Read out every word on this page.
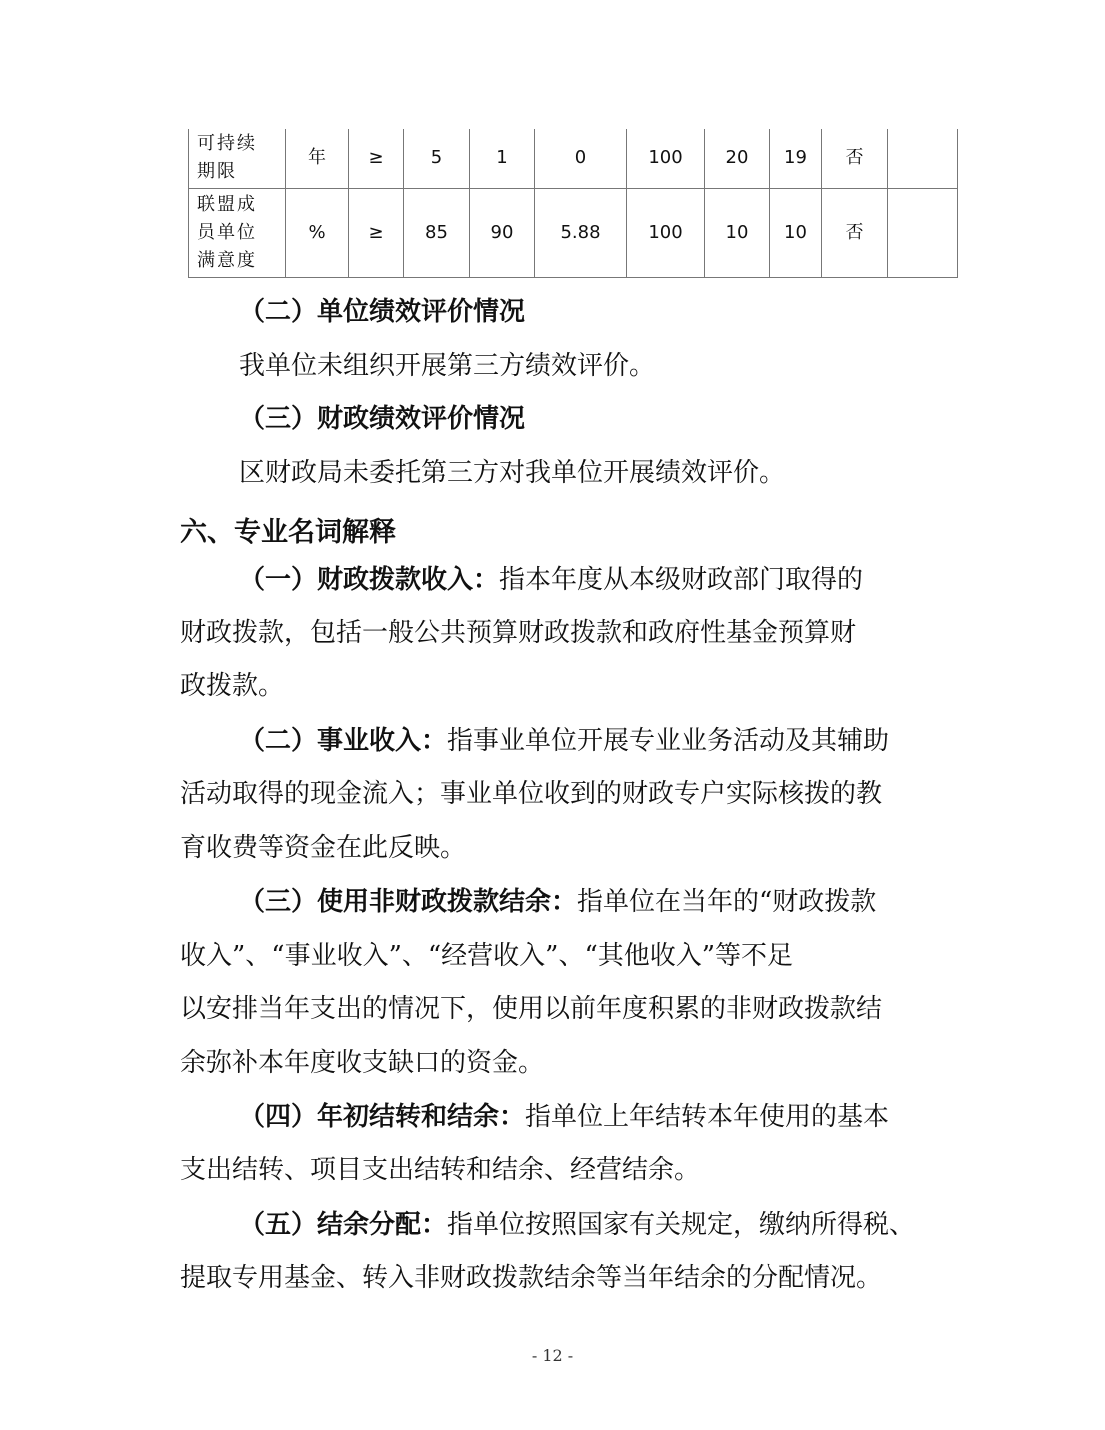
可持续
期限	年	≥	5	1	0	100	20	19	否	
联盟成
员单位
满意度	%	≥	85	90	5.88	100	10	10	否	

（二）单位绩效评价情况

我单位未组织开展第三方绩效评价。

（三）财政绩效评价情况

区财政局未委托第三方对我单位开展绩效评价。

六、专业名词解释

（一）财政拨款收入：指本年度从本级财政部门取得的

财政拨款，包括一般公共预算财政拨款和政府性基金预算财

政拨款。

（二）事业收入：指事业单位开展专业业务活动及其辅助

活动取得的现金流入；事业单位收到的财政专户实际核拨的教

育收费等资金在此反映。

（三）使用非财政拨款结余：指单位在当年的“财政拨款

收入”、“事业收入”、“经营收入”、“其他收入”等不足

以安排当年支出的情况下，使用以前年度积累的非财政拨款结

余弥补本年度收支缺口的资金。

（四）年初结转和结余：指单位上年结转本年使用的基本

支出结转、项目支出结转和结余、经营结余。

（五）结余分配：指单位按照国家有关规定，缴纳所得税、

提取专用基金、转入非财政拨款结余等当年结余的分配情况。

- 12 -
